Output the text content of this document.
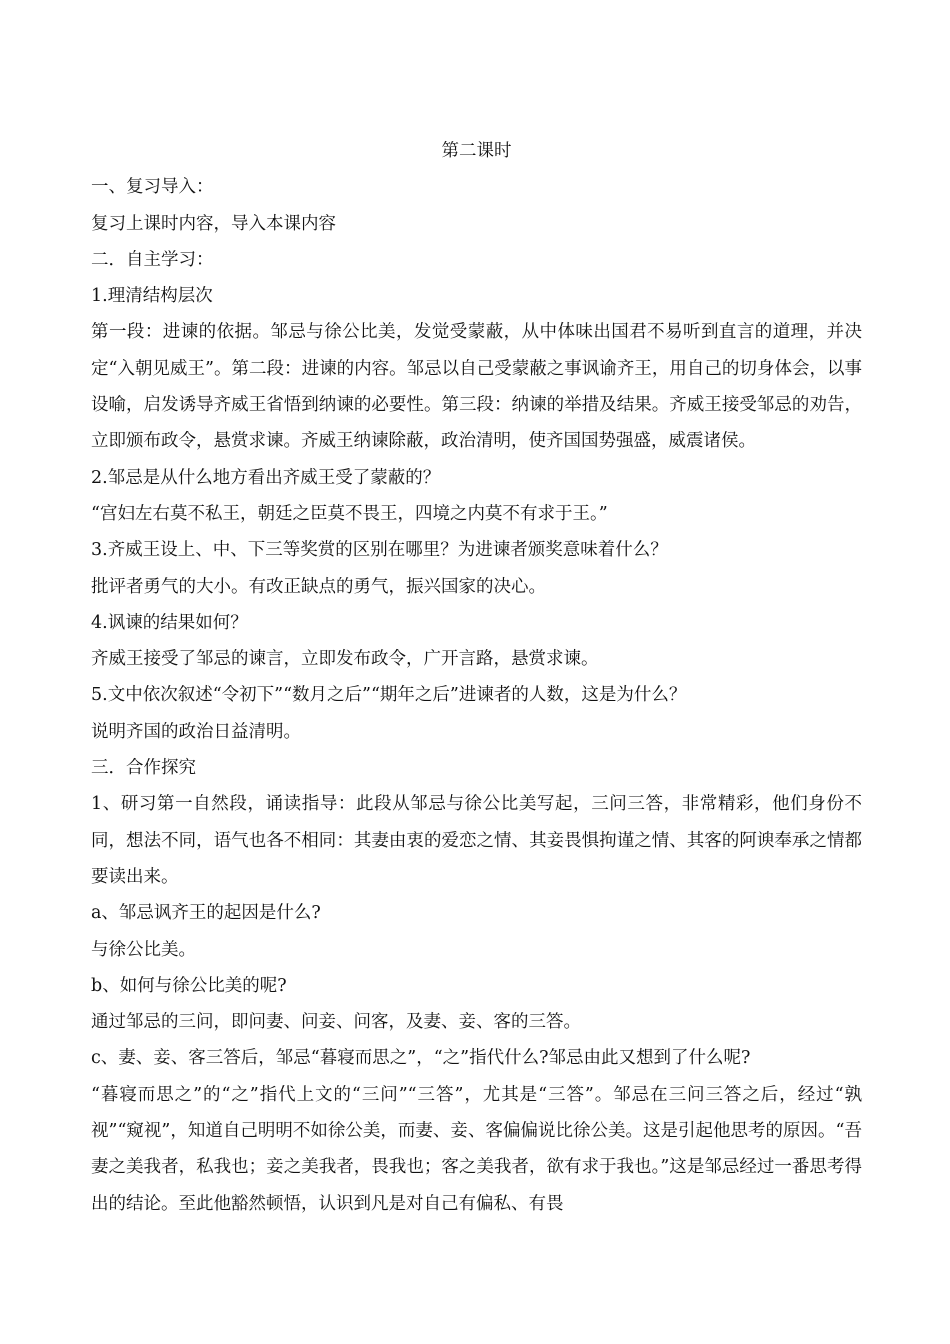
第二课时

一、复习导入：

复习上课时内容，导入本课内容

二．自主学习：

1.理清结构层次

第一段：进谏的依据。邹忌与徐公比美，发觉受蒙蔽，从中体味出国君不易听到直言的道理，并决定“入朝见威王”。第二段：进谏的内容。邹忌以自己受蒙蔽之事讽谕齐王，用自己的切身体会，以事设喻，启发诱导齐威王省悟到纳谏的必要性。第三段：纳谏的举措及结果。齐威王接受邹忌的劝告，立即颁布政令，悬赏求谏。齐威王纳谏除蔽，政治清明，使齐国国势强盛，威震诸侯。

2.邹忌是从什么地方看出齐威王受了蒙蔽的？

“宫妇左右莫不私王，朝廷之臣莫不畏王，四境之内莫不有求于王。”

3.齐威王设上、中、下三等奖赏的区别在哪里？为进谏者颁奖意味着什么？

批评者勇气的大小。有改正缺点的勇气，振兴国家的决心。

4.讽谏的结果如何？

齐威王接受了邹忌的谏言，立即发布政令，广开言路，悬赏求谏。

5.文中依次叙述“令初下”“数月之后”“期年之后”进谏者的人数，这是为什么？

说明齐国的政治日益清明。

三．合作探究

1、研习第一自然段，诵读指导：此段从邹忌与徐公比美写起，三问三答，非常精彩，他们身份不同，想法不同，语气也各不相同：其妻由衷的爱恋之情、其妾畏惧拘谨之情、其客的阿谀奉承之情都要读出来。

a、邹忌讽齐王的起因是什么?

与徐公比美。

b、如何与徐公比美的呢?

通过邹忌的三问，即问妻、问妾、问客，及妻、妾、客的三答。

c、妻、妾、客三答后，邹忌“暮寝而思之”，“之”指代什么?邹忌由此又想到了什么呢?

“暮寝而思之”的“之”指代上文的“三问”“三答”，尤其是“三答”。邹忌在三问三答之后，经过“孰视”“窥视”，知道自己明明不如徐公美，而妻、妾、客偏偏说比徐公美。这是引起他思考的原因。“吾妻之美我者，私我也；妾之美我者，畏我也；客之美我者，欲有求于我也。”这是邹忌经过一番思考得出的结论。至此他豁然顿悟，认识到凡是对自己有偏私、有畏
